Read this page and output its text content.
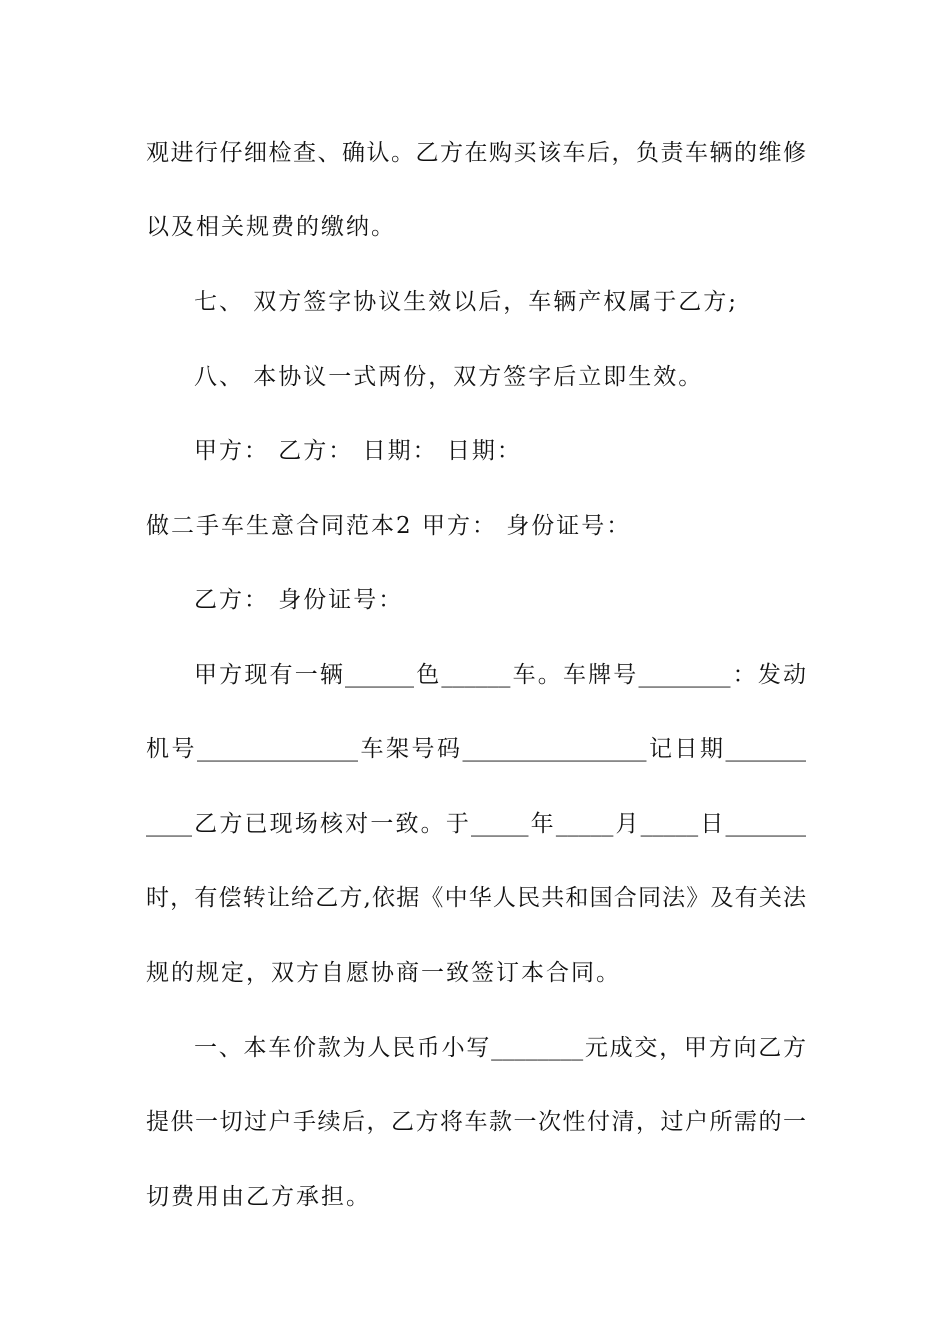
观进行仔细检查、确认。乙方在购买该车后，负责车辆的维修
以及相关规费的缴纳。
七、 双方签字协议生效以后，车辆产权属于乙方;
八、 本协议一式两份，双方签字后立即生效。
甲方： 乙方： 日期： 日期：
做二手车生意合同范本2 甲方： 身份证号：
乙方： 身份证号：
甲方现有一辆______色______车。车牌号________：发动
机号______________车架号码________________记日期_______
____乙方已现场核对一致。于_____年_____月_____日_______
时，有偿转让给乙方,依据《中华人民共和国合同法》及有关法
规的规定，双方自愿协商一致签订本合同。
一、本车价款为人民币小写________元成交，甲方向乙方
提供一切过户手续后，乙方将车款一次性付清，过户所需的一
切费用由乙方承担。
